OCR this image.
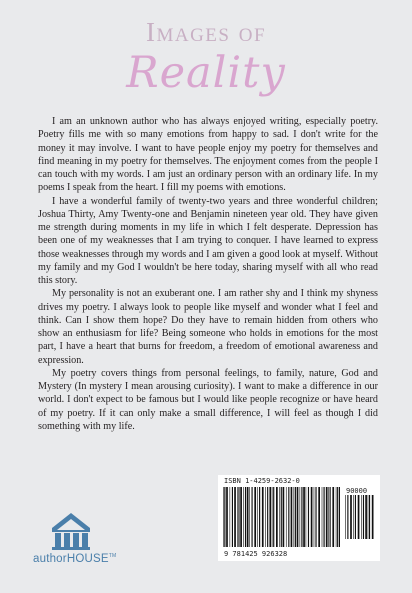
Images of
Reality

I am an unknown author who has always enjoyed writing, especially poetry. Poetry fills me with so many emotions from happy to sad. I don't write for the money it may involve. I want to have people enjoy my poetry for themselves and find meaning in my poetry for themselves. The enjoyment comes from the people I can touch with my words. I am just an ordinary person with an ordinary life. In my poems I speak from the heart. I fill my poems with emotions.

I have a wonderful family of twenty-two years and three wonderful children; Joshua Thirty, Amy Twenty-one and Benjamin nineteen year old. They have given me strength during moments in my life in which I felt desperate. Depression has been one of my weaknesses that I am trying to conquer. I have learned to express those weaknesses through my words and I am given a good look at myself. Without my family and my God I wouldn't be here today, sharing myself with all who read this story.

My personality is not an exuberant one. I am rather shy and I think my shyness drives my poetry. I always look to people like myself and wonder what I feel and think. Can I show them hope? Do they have to remain hidden from others who show an enthusiasm for life? Being someone who holds in emotions for the most part, I have a heart that burns for freedom, a freedom of emotional awareness and expression.

My poetry covers things from personal feelings, to family, nature, God and Mystery (In mystery I mean arousing curiosity). I want to make a difference in our world. I don't expect to be famous but I would like people recognize or have heard of my poetry. If it can only make a small difference, I will feel as though I did something with my life.

authorHOUSE™
ISBN 1-4259-2632-0
90000
9 781425 926328
